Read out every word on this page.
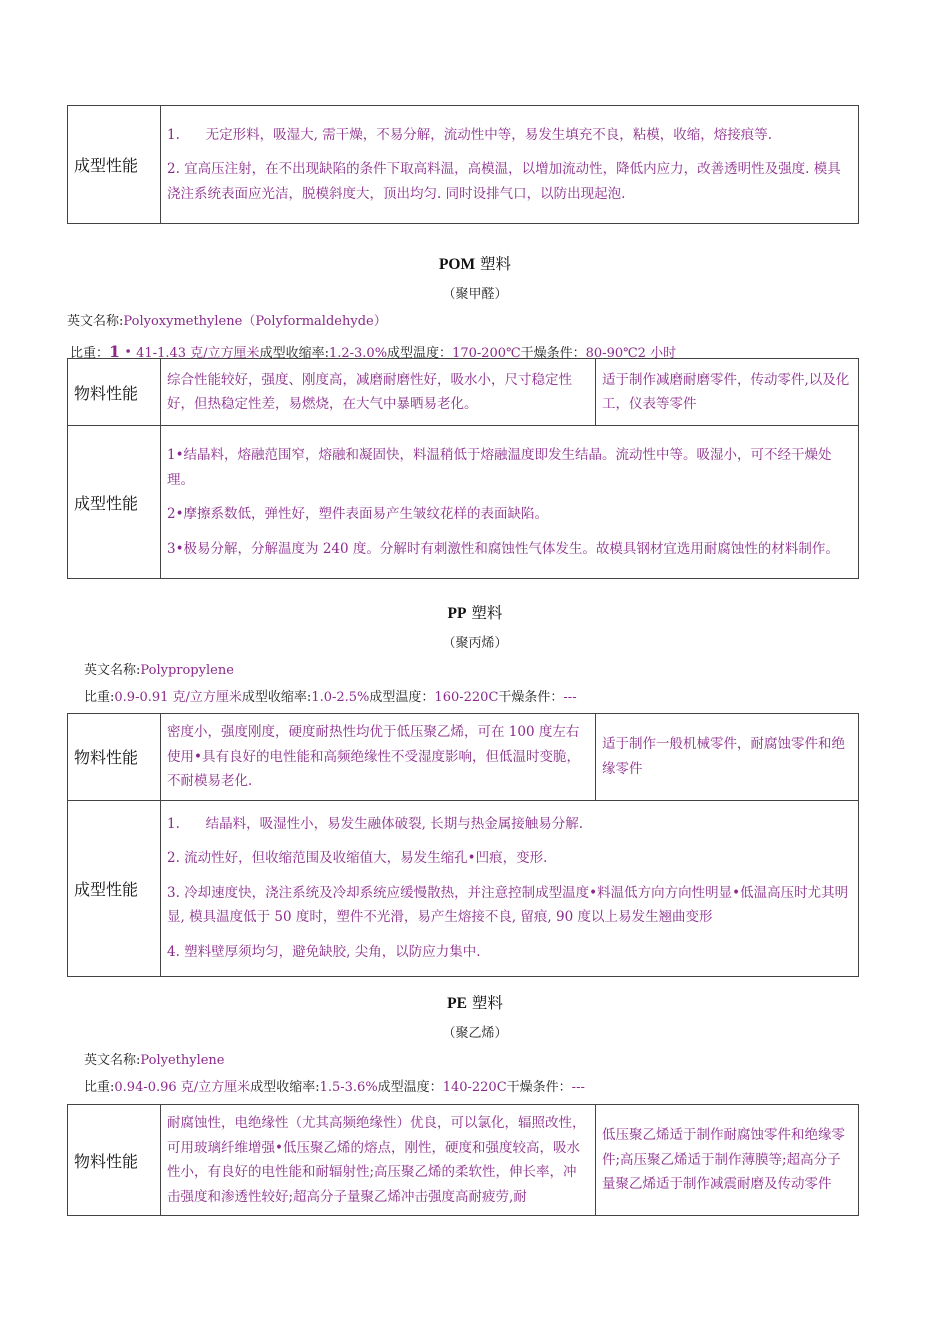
成型性能	

1.      无定形料，吸湿大, 需干燥，不易分解，流动性中等，易发生填充不良，粘模，收缩，熔接痕等.

2. 宜高压注射，在不出现缺陷的条件下取高料温，高模温，以增加流动性，降低内应力，改善透明性及强度. 模具浇注系统表面应光洁，脱模斜度大，顶出均匀. 同时设排气口，以防出现起泡.

POM 塑料
（聚甲醛）
英文名称:Polyoxymethylene（Polyformaldehyde）
比重：1・41-1.43 克/立方厘米成型收缩率:1.2-3.0%成型温度：170-200℃干燥条件：80-90℃2 小时
物料性能	综合性能较好，强度、刚度高，减磨耐磨性好，吸水小，尺寸稳定性好，但热稳定性差，易燃烧，在大气中暴晒易老化。	适于制作减磨耐磨零件，传动零件,以及化工，仪表等零件
成型性能	1•结晶料，熔融范围窄，熔融和凝固快，料温稍低于熔融温度即发生结晶。流动性中等。吸湿小，可不经干燥处理。

2•摩擦系数低，弹性好，塑件表面易产生皱纹花样的表面缺陷。

3•极易分解，分解温度为 240 度。分解时有刺激性和腐蚀性气体发生。故模具钢材宜选用耐腐蚀性的材料制作。	

PP 塑料
（聚丙烯）
英文名称:Polypropylene
比重:0.9-0.91 克/立方厘米成型收缩率:1.0-2.5%成型温度：160-220C干燥条件：---
物料性能	密度小，强度刚度，硬度耐热性均优于低压聚乙烯，可在 100 度左右使用•具有良好的电性能和高频绝缘性不受湿度影响，但低温时变脆，不耐模易老化.	适于制作一般机械零件，耐腐蚀零件和绝缘零件
成型性能	1.      结晶料，吸湿性小，易发生融体破裂, 长期与热金属接触易分解.

2. 流动性好，但收缩范围及收缩值大，易发生缩孔•凹痕，变形.

3. 冷却速度快，浇注系统及冷却系统应缓慢散热，并注意控制成型温度•料温低方向方向性明显•低温高压时尤其明显, 模具温度低于 50 度时，塑件不光滑，易产生熔接不良, 留痕, 90 度以上易发生翘曲变形

4. 塑料壁厚须均匀，避免缺胶, 尖角，以防应力集中.	

PE 塑料
（聚乙烯）
英文名称:Polyethylene
比重:0.94-0.96 克/立方厘米成型收缩率:1.5-3.6%成型温度：140-220C干燥条件：---
物料性能	耐腐蚀性，电绝缘性（尤其高频绝缘性）优良，可以氯化，辐照改性，可用玻璃纤维增强•低压聚乙烯的熔点，刚性，硬度和强度较高，吸水性小，有良好的电性能和耐辐射性;高压聚乙烯的柔软性，伸长率，冲击强度和渗透性较好;超高分子量聚乙烯冲击强度高耐疲劳,耐	低压聚乙烯适于制作耐腐蚀零件和绝缘零件;高压聚乙烯适于制作薄膜等;超高分子量聚乙烯适于制作减震耐磨及传动零件
